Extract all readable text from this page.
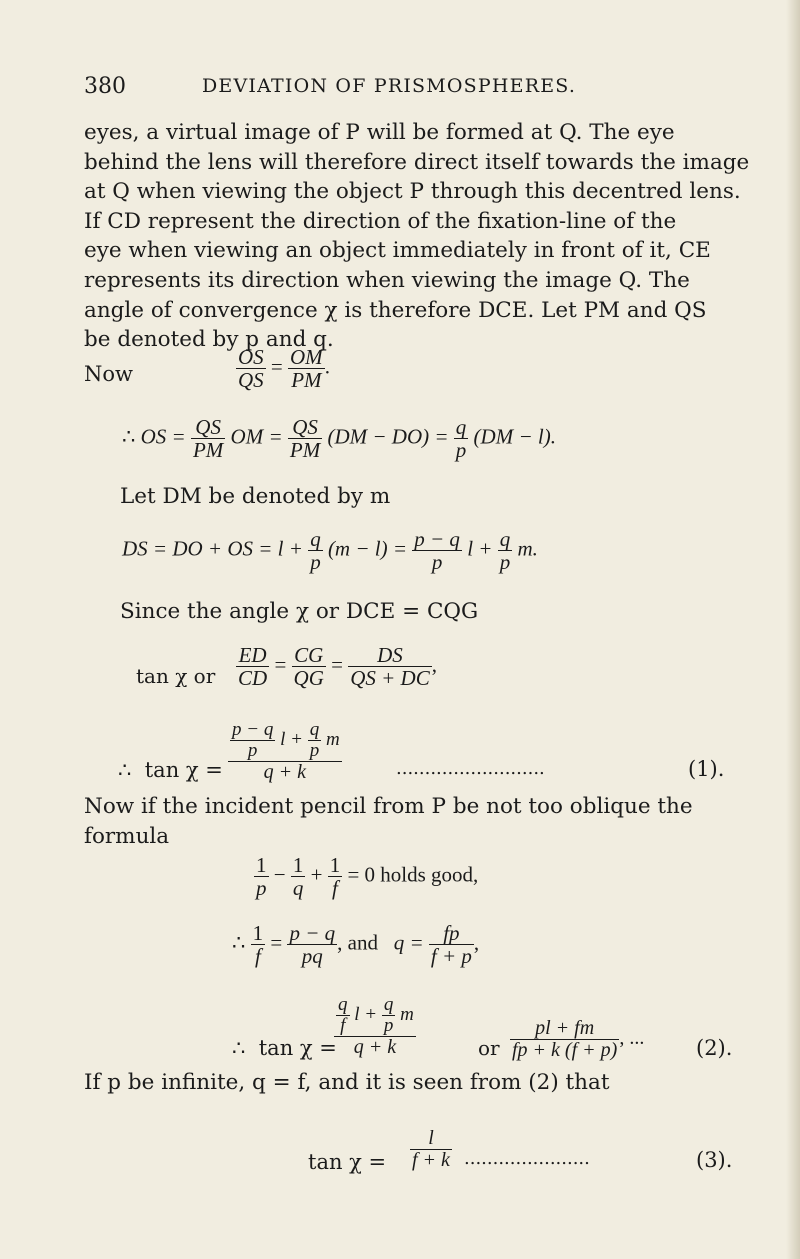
380	DEVIATION OF PRISMOSPHERES.
eyes, a virtual image of P will be formed at Q. The eye
behind the lens will therefore direct itself towards the image
at Q when viewing the object P through this decentred lens.
If CD represent the direction of the fixation-line of the
eye when viewing an object immediately in front of it, CE
represents its direction when viewing the image Q. The
angle of convergence χ is therefore DCE. Let PM and QS
be denoted by p and q.
Now	$\frac{OS}{QS} = \frac{OM}{PM}$ .
∴ OS = $\frac{QS}{PM}$ OM = $\frac{QS}{PM} (DM - DO) = \frac{q}{p} (DM - l)$.
Let DM be denoted by m
DS = DO + OS = $l + \frac{q}{p} (m - l) = \frac{p - q}{p}$ $l + \frac{q}{p} m$.
Since the angle χ or DCE = CQG
tan χ or $\frac{ED}{CD} = \frac{CG}{QG} = \frac{DS}{QS + DC}$ ,
∴ $\tan \chi = \frac{\frac{p - q}{p} l + \frac{q}{p} m}{q + k}$	..........................	(1).
Now if the incident pencil from P be not too oblique the
formula
$\frac{1}{p} - \frac{1}{q} + \frac{1}{f} = 0$ holds good,
∴ $\frac{1}{f} = \frac{p - q}{pq}$ , and $q = \frac{fp}{f + p}$ ,
∴ tan χ =
$\frac{\frac{q}{f} l + \frac{q}{p} m}{q + k}$	or $\frac{pl + fm}{fp + k (f + p)}$ , ... (2).
If p be infinite, q = f, and it is seen from (2) that
$\tan \chi = \frac{l}{f + k}$ ......................	(3).
